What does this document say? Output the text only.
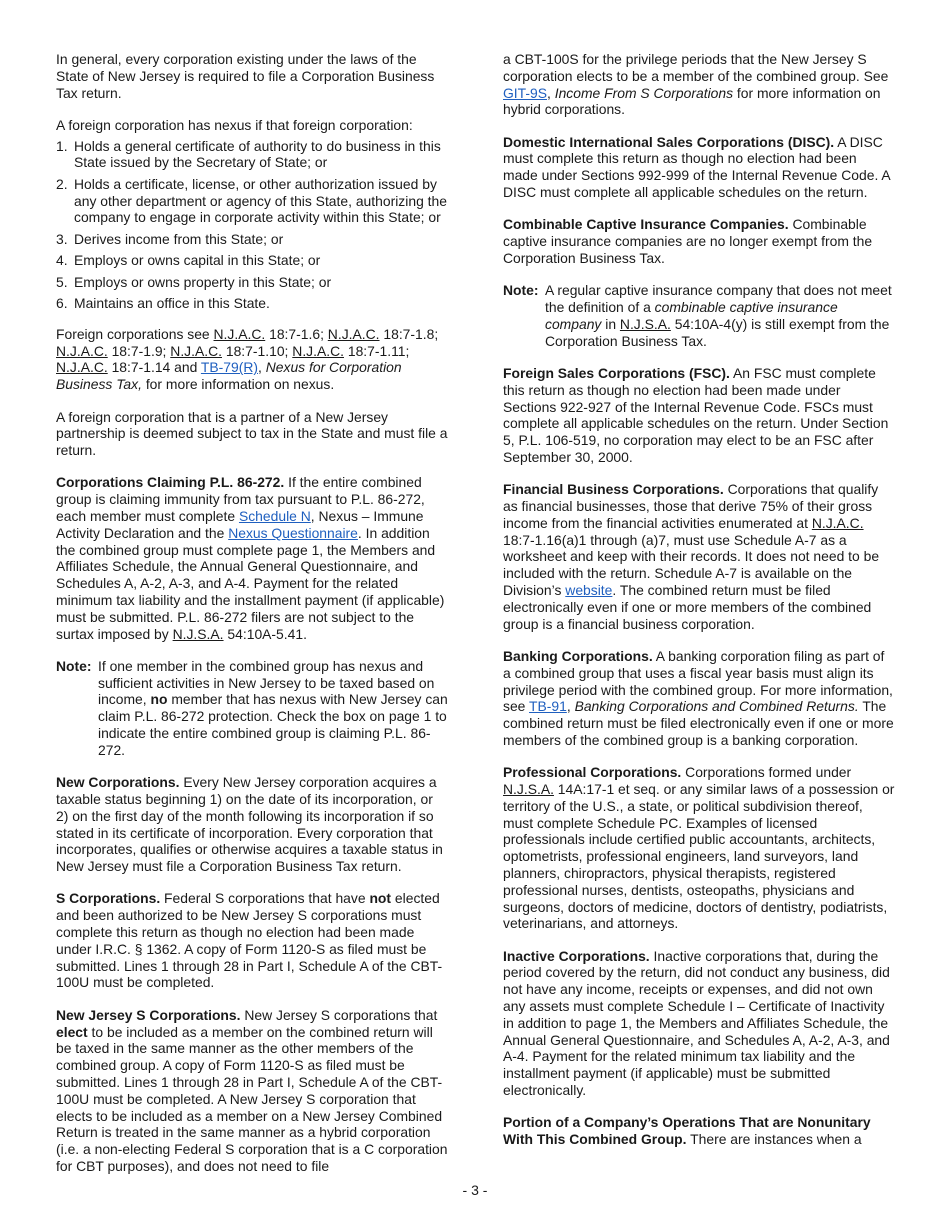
In general, every corporation existing under the laws of the State of New Jersey is required to file a Corporation Business Tax return.

A foreign corporation has nexus if that foreign corporation:

1. Holds a general certificate of authority to do business in this State issued by the Secretary of State; or
2. Holds a certificate, license, or other authorization issued by any other department or agency of this State, authorizing the company to engage in corporate activity within this State; or
3. Derives income from this State; or
4. Employs or owns capital in this State; or
5. Employs or owns property in this State; or
6. Maintains an office in this State.

Foreign corporations see N.J.A.C. 18:7-1.6; N.J.A.C. 18:7-1.8; N.J.A.C. 18:7-1.9; N.J.A.C. 18:7-1.10; N.J.A.C. 18:7-1.11; N.J.A.C. 18:7-1.14 and TB-79(R), Nexus for Corporation Business Tax, for more information on nexus.

A foreign corporation that is a partner of a New Jersey partnership is deemed subject to tax in the State and must file a return.

Corporations Claiming P.L. 86-272. If the entire combined group is claiming immunity from tax pursuant to P.L. 86-272, each member must complete Schedule N, Nexus – Immune Activity Declaration and the Nexus Questionnaire. In addition the combined group must complete page 1, the Members and Affiliates Schedule, the Annual General Questionnaire, and Schedules A, A-2, A-3, and A-4. Payment for the related minimum tax liability and the installment payment (if applicable) must be submitted. P.L. 86-272 filers are not subject to the surtax imposed by N.J.S.A. 54:10A-5.41.

Note: If one member in the combined group has nexus and sufficient activities in New Jersey to be taxed based on income, no member that has nexus with New Jersey can claim P.L. 86-272 protection. Check the box on page 1 to indicate the entire combined group is claiming P.L. 86-272.

New Corporations. Every New Jersey corporation acquires a taxable status beginning 1) on the date of its incorporation, or 2) on the first day of the month following its incorporation if so stated in its certificate of incorporation. Every corporation that incorporates, qualifies or otherwise acquires a taxable status in New Jersey must file a Corporation Business Tax return.

S Corporations. Federal S corporations that have not elected and been authorized to be New Jersey S corporations must complete this return as though no election had been made under I.R.C. § 1362. A copy of Form 1120-S as filed must be submitted. Lines 1 through 28 in Part I, Schedule A of the CBT-100U must be completed.

New Jersey S Corporations. New Jersey S corporations that elect to be included as a member on the combined return will be taxed in the same manner as the other members of the combined group. A copy of Form 1120-S as filed must be submitted. Lines 1 through 28 in Part I, Schedule A of the CBT-100U must be completed. A New Jersey S corporation that elects to be included as a member on a New Jersey Combined Return is treated in the same manner as a hybrid corporation (i.e. a non-electing Federal S corporation that is a C corporation for CBT purposes), and does not need to file

a CBT-100S for the privilege periods that the New Jersey S corporation elects to be a member of the combined group. See GIT-9S, Income From S Corporations for more information on hybrid corporations.

Domestic International Sales Corporations (DISC). A DISC must complete this return as though no election had been made under Sections 992-999 of the Internal Revenue Code. A DISC must complete all applicable schedules on the return.

Combinable Captive Insurance Companies. Combinable captive insurance companies are no longer exempt from the Corporation Business Tax.

Note: A regular captive insurance company that does not meet the definition of a combinable captive insurance company in N.J.S.A. 54:10A-4(y) is still exempt from the Corporation Business Tax.

Foreign Sales Corporations (FSC). An FSC must complete this return as though no election had been made under Sections 922-927 of the Internal Revenue Code. FSCs must complete all applicable schedules on the return. Under Section 5, P.L. 106-519, no corporation may elect to be an FSC after September 30, 2000.

Financial Business Corporations. Corporations that qualify as financial businesses, those that derive 75% of their gross income from the financial activities enumerated at N.J.A.C. 18:7-1.16(a)1 through (a)7, must use Schedule A-7 as a worksheet and keep with their records. It does not need to be included with the return. Schedule A-7 is available on the Division’s website. The combined return must be filed electronically even if one or more members of the combined group is a financial business corporation.

Banking Corporations. A banking corporation filing as part of a combined group that uses a fiscal year basis must align its privilege period with the combined group. For more information, see TB-91, Banking Corporations and Combined Returns. The combined return must be filed electronically even if one or more members of the combined group is a banking corporation.

Professional Corporations. Corporations formed under N.J.S.A. 14A:17-1 et seq. or any similar laws of a possession or territory of the U.S., a state, or political subdivision thereof, must complete Schedule PC. Examples of licensed professionals include certified public accountants, architects, optometrists, professional engineers, land surveyors, land planners, chiropractors, physical therapists, registered professional nurses, dentists, osteopaths, physicians and surgeons, doctors of medicine, doctors of dentistry, podiatrists, veterinarians, and attorneys.

Inactive Corporations. Inactive corporations that, during the period covered by the return, did not conduct any business, did not have any income, receipts or expenses, and did not own any assets must complete Schedule I – Certificate of Inactivity in addition to page 1, the Members and Affiliates Schedule, the Annual General Questionnaire, and Schedules A, A-2, A-3, and A-4. Payment for the related minimum tax liability and the installment payment (if applicable) must be submitted electronically.

Portion of a Company’s Operations That are Nonunitary With This Combined Group. There are instances when a

- 3 -
